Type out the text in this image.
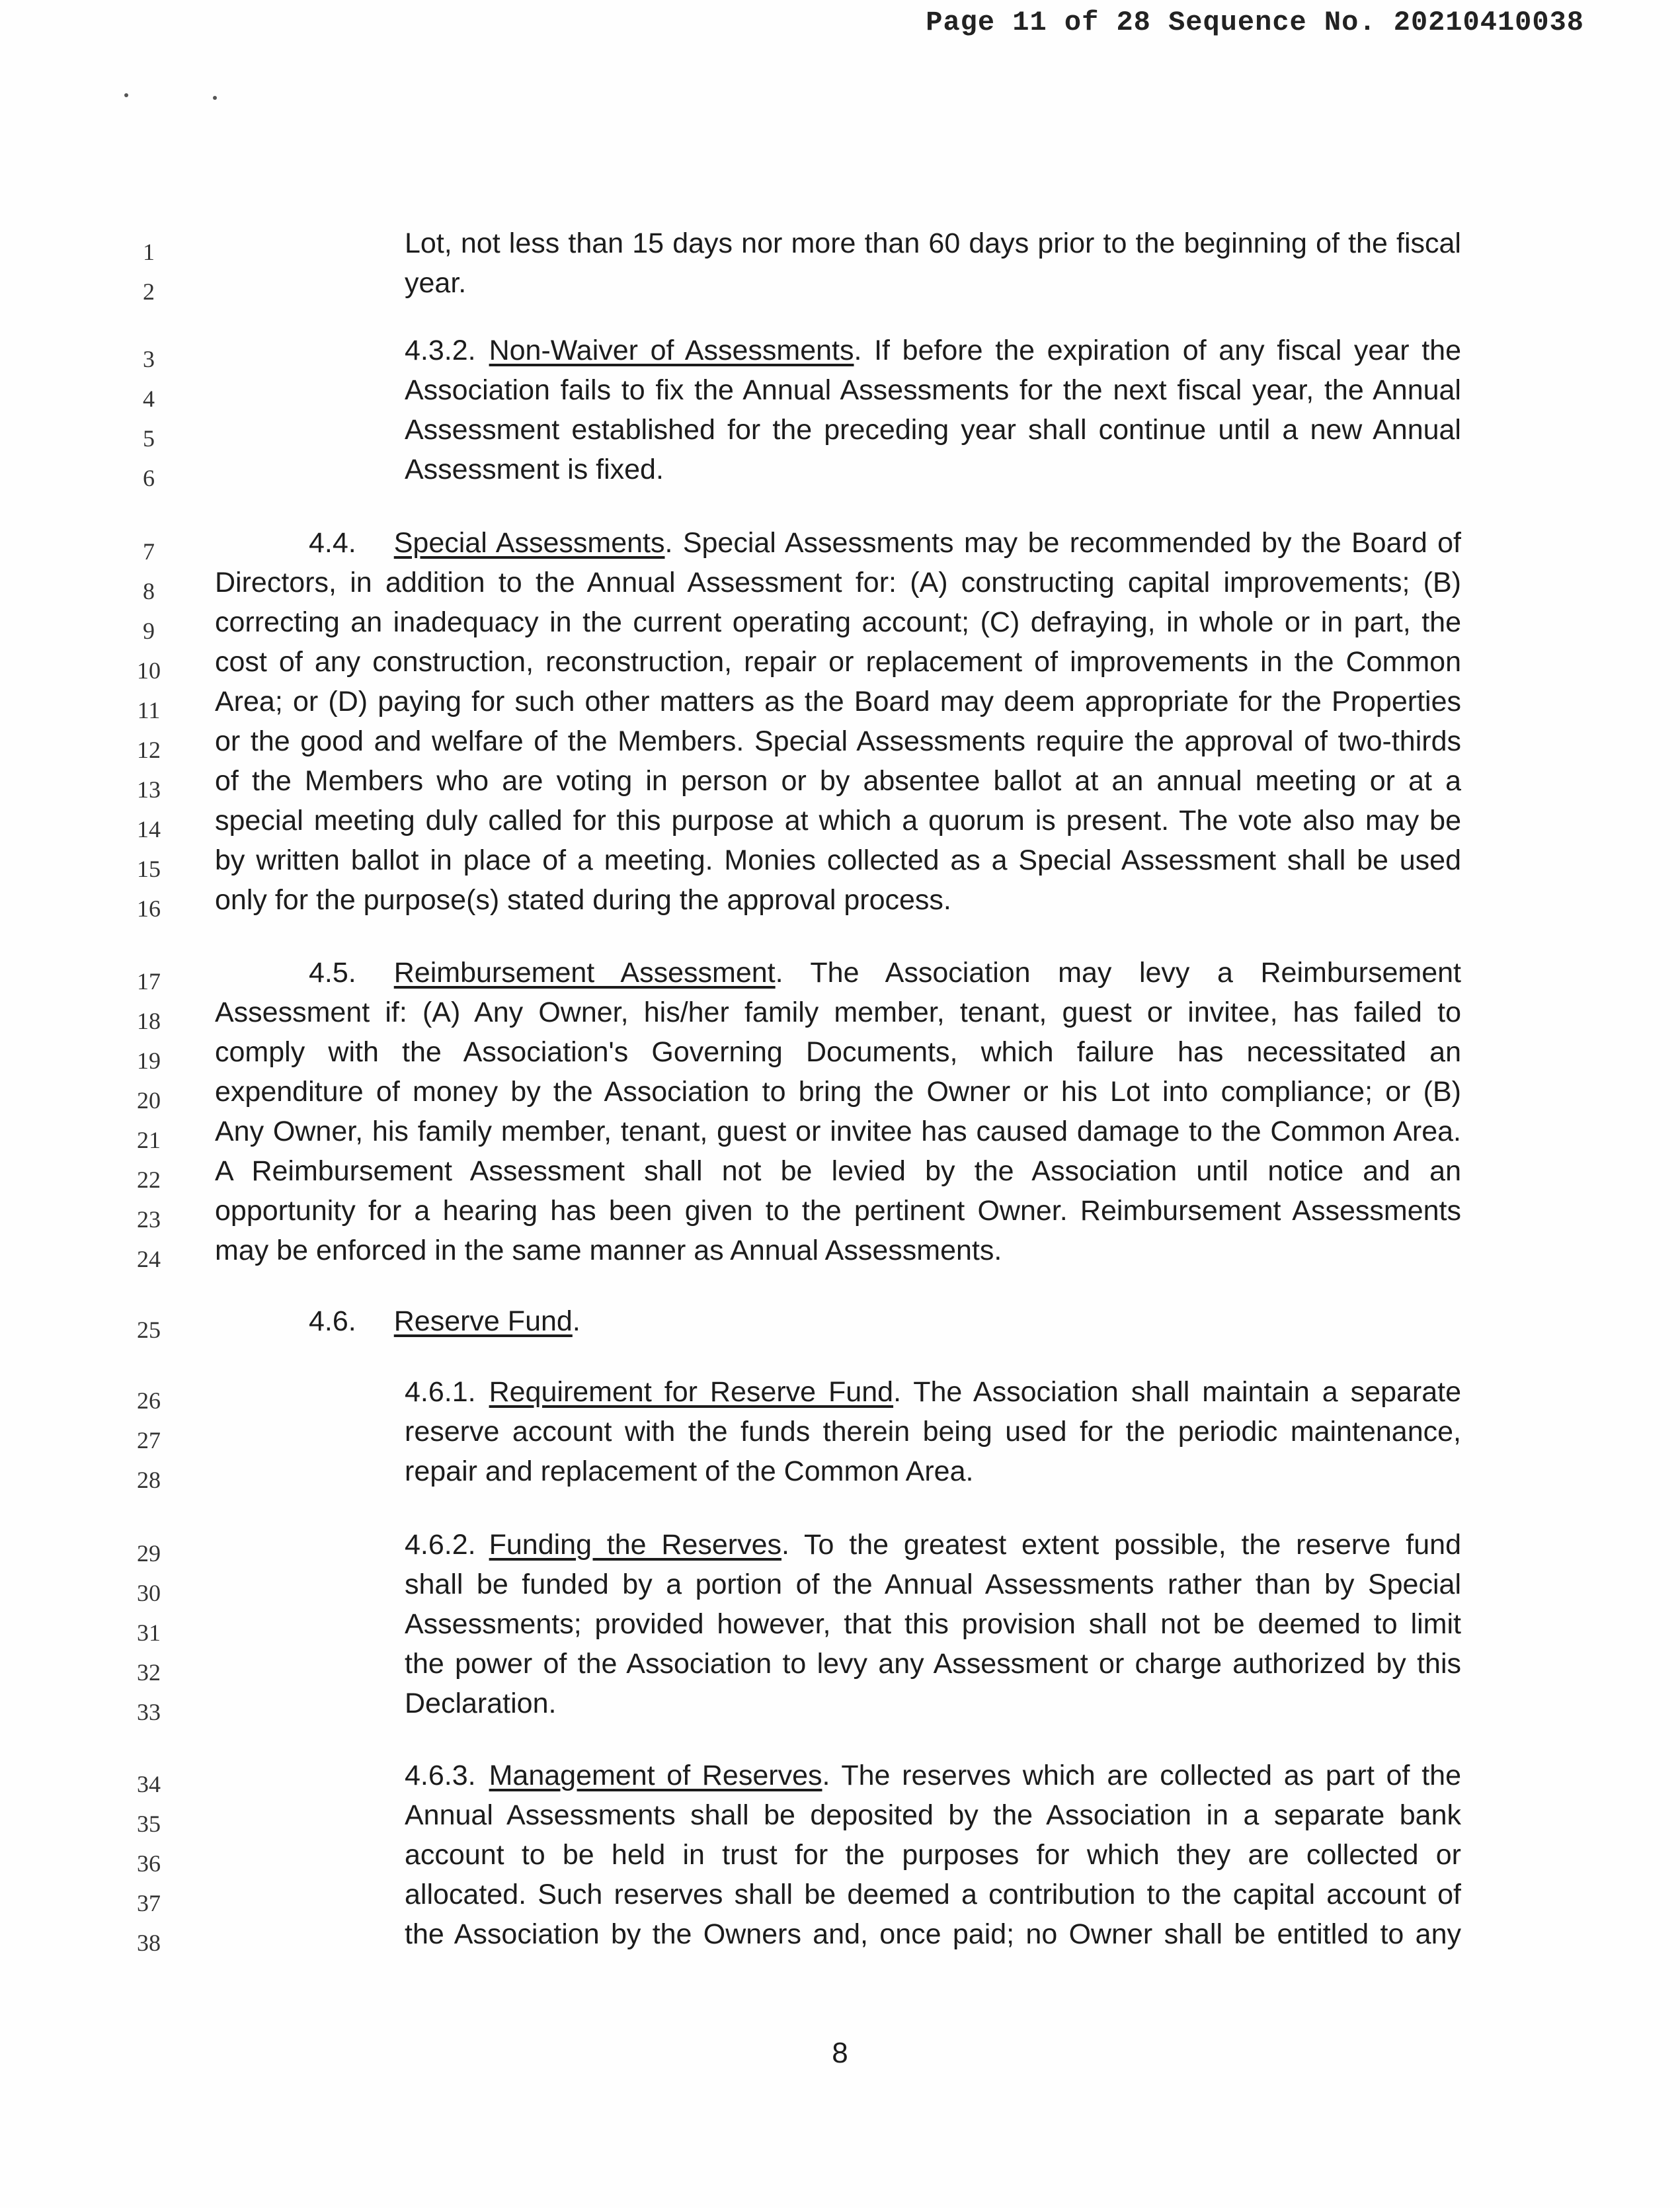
Page 11 of 28 Sequence No. 20210410038
1
2
3
4
5
6
7
8
9
10
11
12
13
14
15
16
17
18
19
20
21
22
23
24
25
26
27
28
29
30
31
32
33
34
35
36
37
38
Lot, not less than 15 days nor more than 60 days prior to the beginning of the fiscal
year.
4.3.2. Non-Waiver of Assessments. If before the expiration of any fiscal year the
Association fails to fix the Annual Assessments for the next fiscal year, the Annual
Assessment established for the preceding year shall continue until a new Annual
Assessment is fixed.
4.4. Special Assessments. Special Assessments may be recommended by the Board of
Directors, in addition to the Annual Assessment for: (A) constructing capital improvements; (B)
correcting an inadequacy in the current operating account; (C) defraying, in whole or in part, the
cost of any construction, reconstruction, repair or replacement of improvements in the Common
Area; or (D) paying for such other matters as the Board may deem appropriate for the Properties
or the good and welfare of the Members. Special Assessments require the approval of two-thirds
of the Members who are voting in person or by absentee ballot at an annual meeting or at a
special meeting duly called for this purpose at which a quorum is present. The vote also may be
by written ballot in place of a meeting. Monies collected as a Special Assessment shall be used
only for the purpose(s) stated during the approval process.
4.5. Reimbursement Assessment. The Association may levy a Reimbursement
Assessment if: (A) Any Owner, his/her family member, tenant, guest or invitee, has failed to
comply with the Association's Governing Documents, which failure has necessitated an
expenditure of money by the Association to bring the Owner or his Lot into compliance; or (B)
Any Owner, his family member, tenant, guest or invitee has caused damage to the Common Area.
A Reimbursement Assessment shall not be levied by the Association until notice and an
opportunity for a hearing has been given to the pertinent Owner. Reimbursement Assessments
may be enforced in the same manner as Annual Assessments.
4.6. Reserve Fund.
4.6.1. Requirement for Reserve Fund. The Association shall maintain a separate
reserve account with the funds therein being used for the periodic maintenance,
repair and replacement of the Common Area.
4.6.2. Funding the Reserves. To the greatest extent possible, the reserve fund
shall be funded by a portion of the Annual Assessments rather than by Special
Assessments; provided however, that this provision shall not be deemed to limit
the power of the Association to levy any Assessment or charge authorized by this
Declaration.
4.6.3. Management of Reserves. The reserves which are collected as part of the
Annual Assessments shall be deposited by the Association in a separate bank
account to be held in trust for the purposes for which they are collected or
allocated. Such reserves shall be deemed a contribution to the capital account of
the Association by the Owners and, once paid; no Owner shall be entitled to any
8
